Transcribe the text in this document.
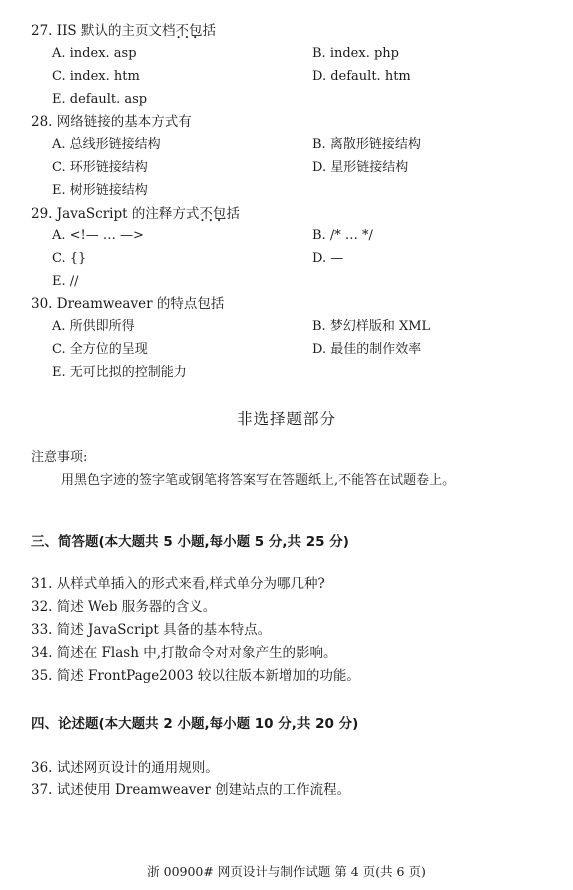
27. IIS 默认的主页文档不包括 • • •
A. index. asp	B. index. php
C. index. htm	D. default. htm
E. default. asp
28. 网络链接的基本方式有
A. 总线形链接结构	B. 离散形链接结构
C. 环形链接结构	D. 星形链接结构
E. 树形链接结构
29. JavaScript 的注释方式不包括 • • •
A. <!— … —>	B. /* … */
C. {}	D. —
E. //
30. Dreamweaver 的特点包括
A. 所供即所得	B. 梦幻样版和 XML
C. 全方位的呈现	D. 最佳的制作效率
E. 无可比拟的控制能力
非选择题部分
注意事项:
用黑色字迹的签字笔或钢笔将答案写在答题纸上,不能答在试题卷上。
三、简答题(本大题共 5 小题,每小题 5 分,共 25 分)
31. 从样式单插入的形式来看,样式单分为哪几种?
32. 简述 Web 服务器的含义。
33. 简述 JavaScript 具备的基本特点。
34. 简述在 Flash 中,打散命令对对象产生的影响。
35. 简述 FrontPage2003 较以往版本新增加的功能。
四、论述题(本大题共 2 小题,每小题 10 分,共 20 分)
36. 试述网页设计的通用规则。
37. 试述使用 Dreamweaver 创建站点的工作流程。
浙 00900# 网页设计与制作试题 第 4 页(共 6 页)
